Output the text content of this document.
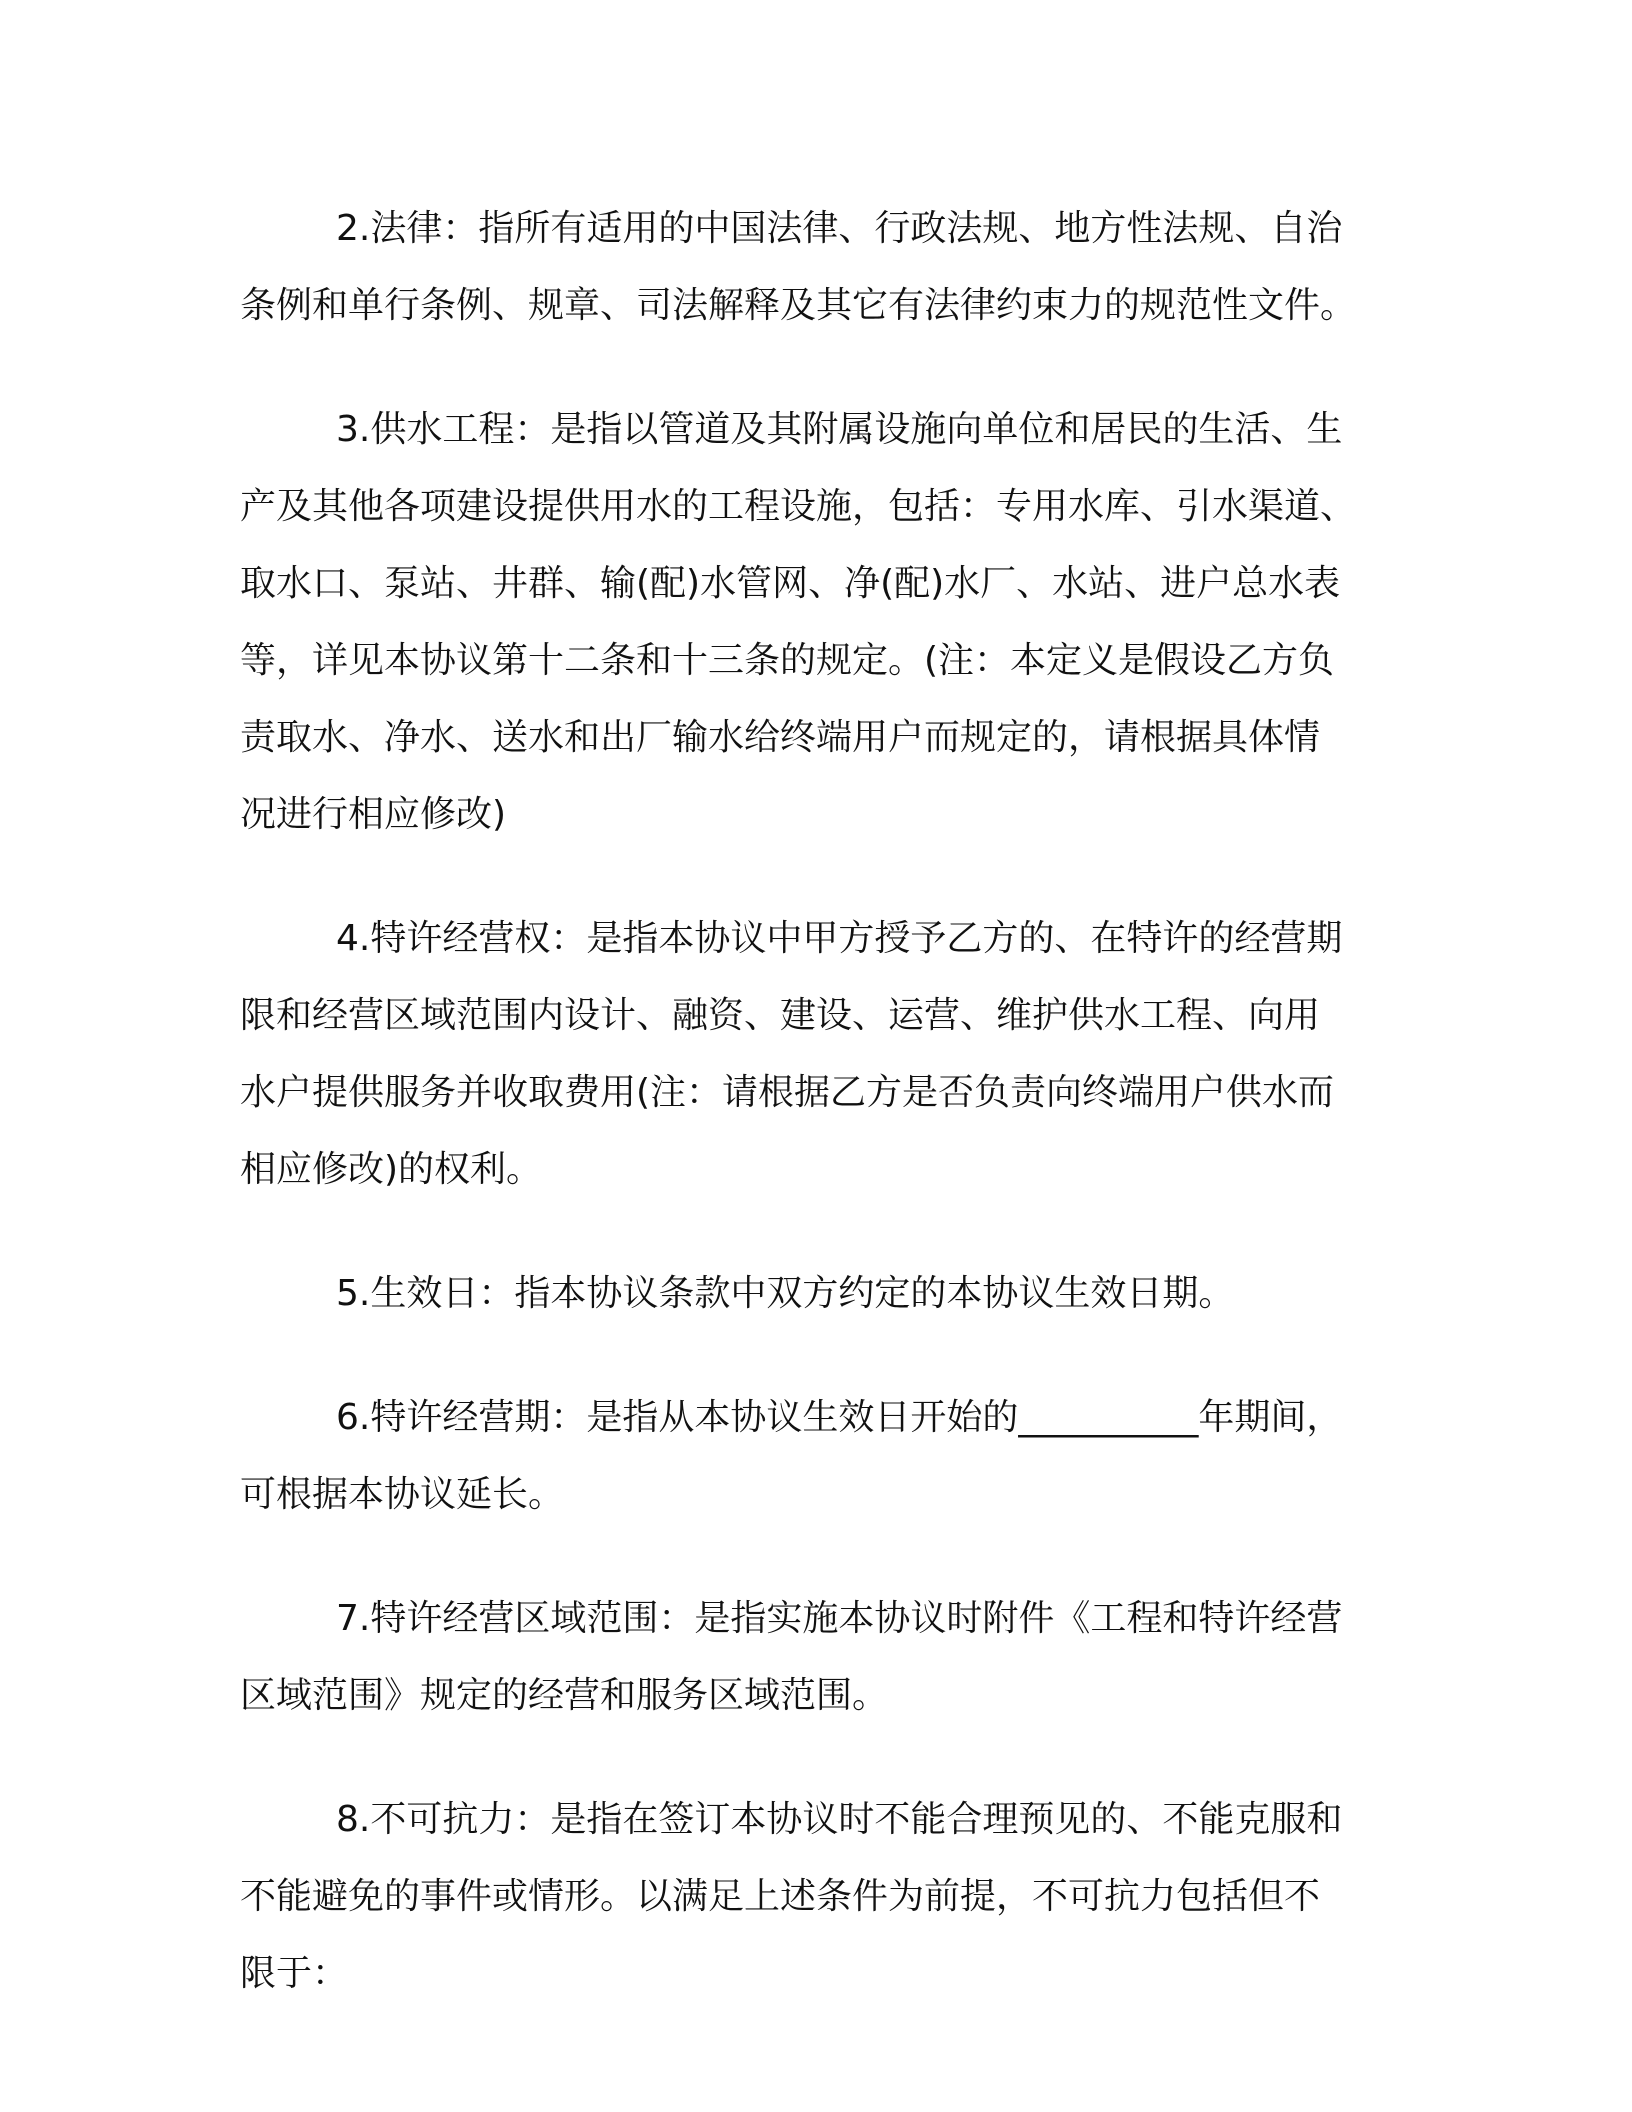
2.法律：指所有适用的中国法律、行政法规、地方性法规、自治
条例和单行条例、规章、司法解释及其它有法律约束力的规范性文件。
3.供水工程：是指以管道及其附属设施向单位和居民的生活、生
产及其他各项建设提供用水的工程设施，包括：专用水库、引水渠道、
取水口、泵站、井群、输(配)水管网、净(配)水厂、水站、进户总水表
等，详见本协议第十二条和十三条的规定。(注：本定义是假设乙方负
责取水、净水、送水和出厂输水给终端用户而规定的，请根据具体情
况进行相应修改)
4.特许经营权：是指本协议中甲方授予乙方的、在特许的经营期
限和经营区域范围内设计、融资、建设、运营、维护供水工程、向用
水户提供服务并收取费用(注：请根据乙方是否负责向终端用户供水而
相应修改)的权利。
5.生效日：指本协议条款中双方约定的本协议生效日期。
6.特许经营期：是指从本协议生效日开始的__________年期间，
可根据本协议延长。
7.特许经营区域范围：是指实施本协议时附件《工程和特许经营
区域范围》规定的经营和服务区域范围。
8.不可抗力：是指在签订本协议时不能合理预见的、不能克服和
不能避免的事件或情形。以满足上述条件为前提，不可抗力包括但不
限于：
